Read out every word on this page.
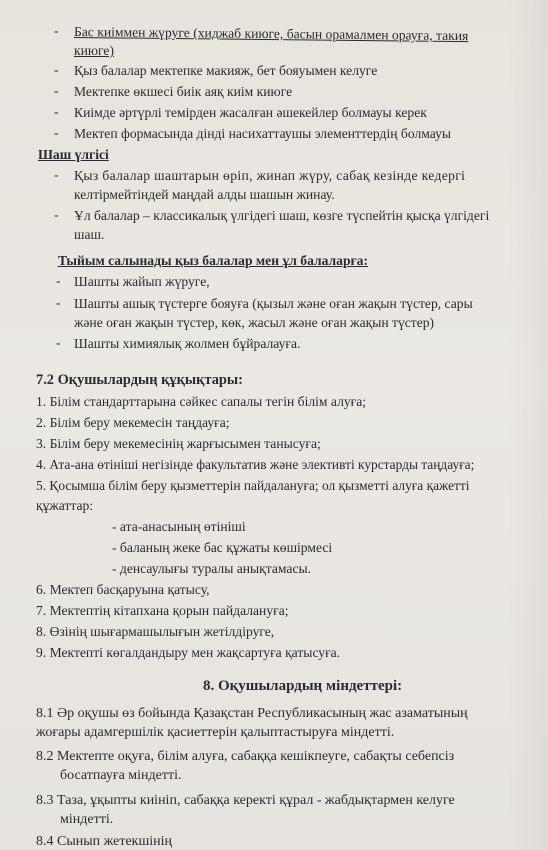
- Бас киіммен жүруге (хиджаб киюге, басын орамалмен орауға, такия
киюге)
- Қыз балалар мектепке макияж, бет бояуымен келуге
- Мектепке өкшесі биік аяқ киім киюге
- Киімде әртүрлі темірден жасалған әшекейлер болмауы керек
- Мектеп формасында дінді насихаттаушы элементтердің болмауы
Шаш үлгісі
- Қыз балалар шаштарын өріп, жинап жүру, сабақ кезінде кедергі
келтірмейтіндей маңдай алды шашын жинау.
- Ұл балалар – классикалық үлгідегі шаш, көзге түспейтін қысқа үлгідегі
шаш.
Тыйым салынады қыз балалар мен ұл балаларға:
- Шашты жайып жүруге,
- Шашты ашық түстерге бояуға (қызыл және оған жақын түстер, сары
және оған жақын түстер, көк, жасыл және оған жақын түстер)
- Шашты химиялық жолмен бұйралауға.
7.2 Оқушылардың құқықтары:
1. Білім стандарттарына сәйкес сапалы тегін білім алуға;
2. Білім беру мекемесін таңдауға;
3. Білім беру мекемесінің жарғысымен танысуға;
4. Ата-ана өтініші негізінде факультатив және элективті курстарды таңдауға;
5. Қосымша білім беру қызметтерін пайдалануға; ол қызметті алуға қажетті
құжаттар:
- ата-анасының өтініші
- баланың жеке бас құжаты көшірмесі
- денсаулығы туралы анықтамасы.
6. Мектеп басқаруына қатысу,
7. Мектептің кітапхана қорын пайдалануға;
8. Өзінің шығармашылығын жетілдіруге,
9. Мектепті көгалдандыру мен жақсартуға қатысуға.
8. Оқушылардың міндеттері:
8.1 Әр оқушы өз бойында Қазақстан Республикасының жас азаматының
жоғары адамгершілік қасиеттерін қалыптастыруға міндетті.
8.2 Мектепте оқуға, білім алуға, сабаққа кешікпеуге, сабақты себепсіз
босатпауға міндетті.
8.3 Таза, ұқыпты киініп, сабаққа керекті құрал - жабдықтармен келуге
міндетті.
8.4 Сынып жетекшінің
